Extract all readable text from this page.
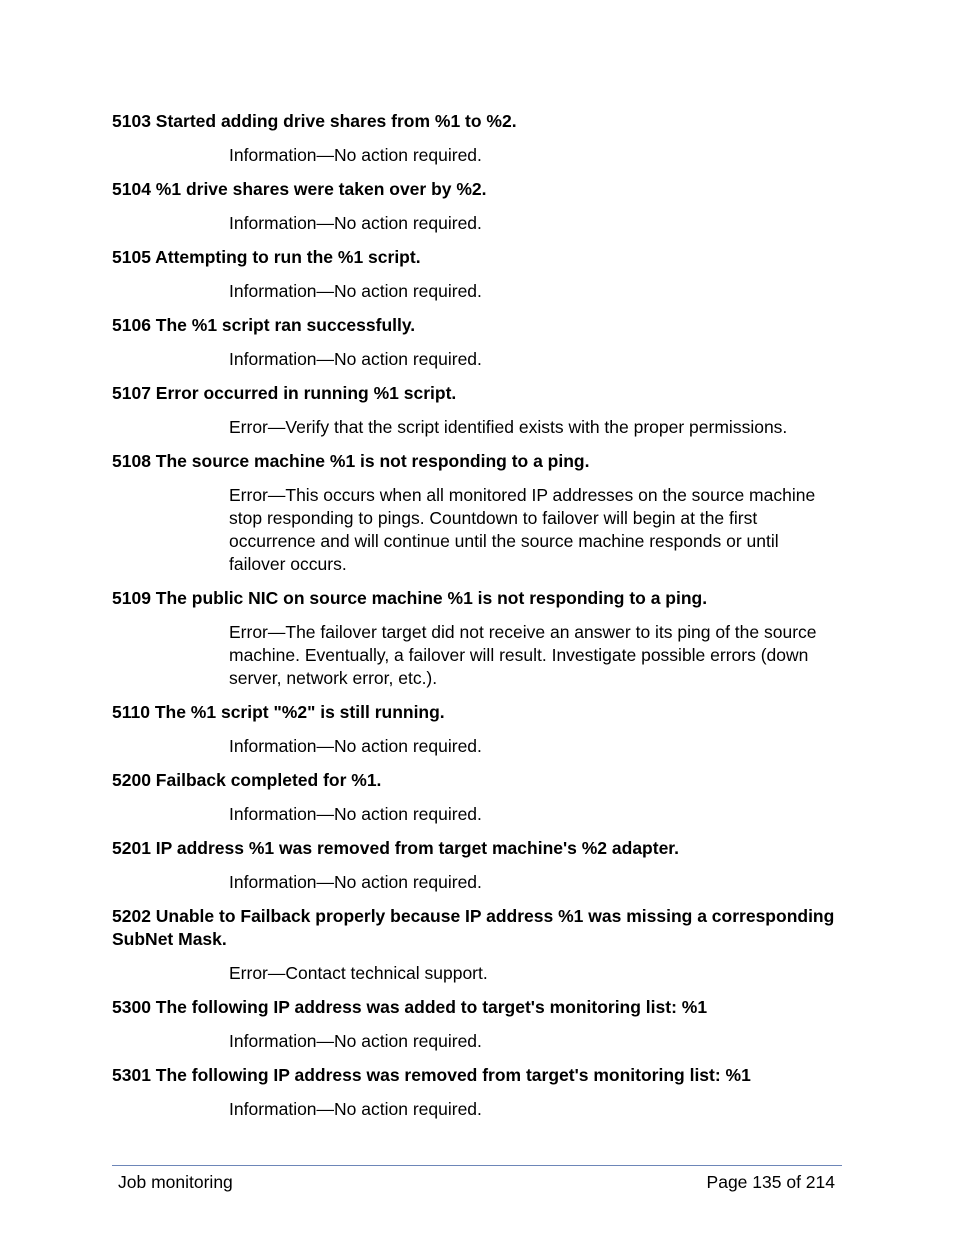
5103 Started adding drive shares from %1 to %2.
Information—No action required.
5104 %1 drive shares were taken over by %2.
Information—No action required.
5105 Attempting to run the %1 script.
Information—No action required.
5106 The %1 script ran successfully.
Information—No action required.
5107 Error occurred in running %1 script.
Error—Verify that the script identified exists with the proper permissions.
5108 The source machine %1 is not responding to a ping.
Error—This occurs when all monitored IP addresses on the source machine stop responding to pings. Countdown to failover will begin at the first occurrence and will continue until the source machine responds or until failover occurs.
5109 The public NIC on source machine %1 is not responding to a ping.
Error—The failover target did not receive an answer to its ping of the source machine. Eventually, a failover will result. Investigate possible errors (down server, network error, etc.).
5110 The %1 script "%2" is still running.
Information—No action required.
5200 Failback completed for %1.
Information—No action required.
5201 IP address %1 was removed from target machine's %2 adapter.
Information—No action required.
5202 Unable to Failback properly because IP address %1 was missing a corresponding SubNet Mask.
Error—Contact technical support.
5300 The following IP address was added to target's monitoring list: %1
Information—No action required.
5301 The following IP address was removed from target's monitoring list: %1
Information—No action required.
Job monitoring	Page 135 of 214
